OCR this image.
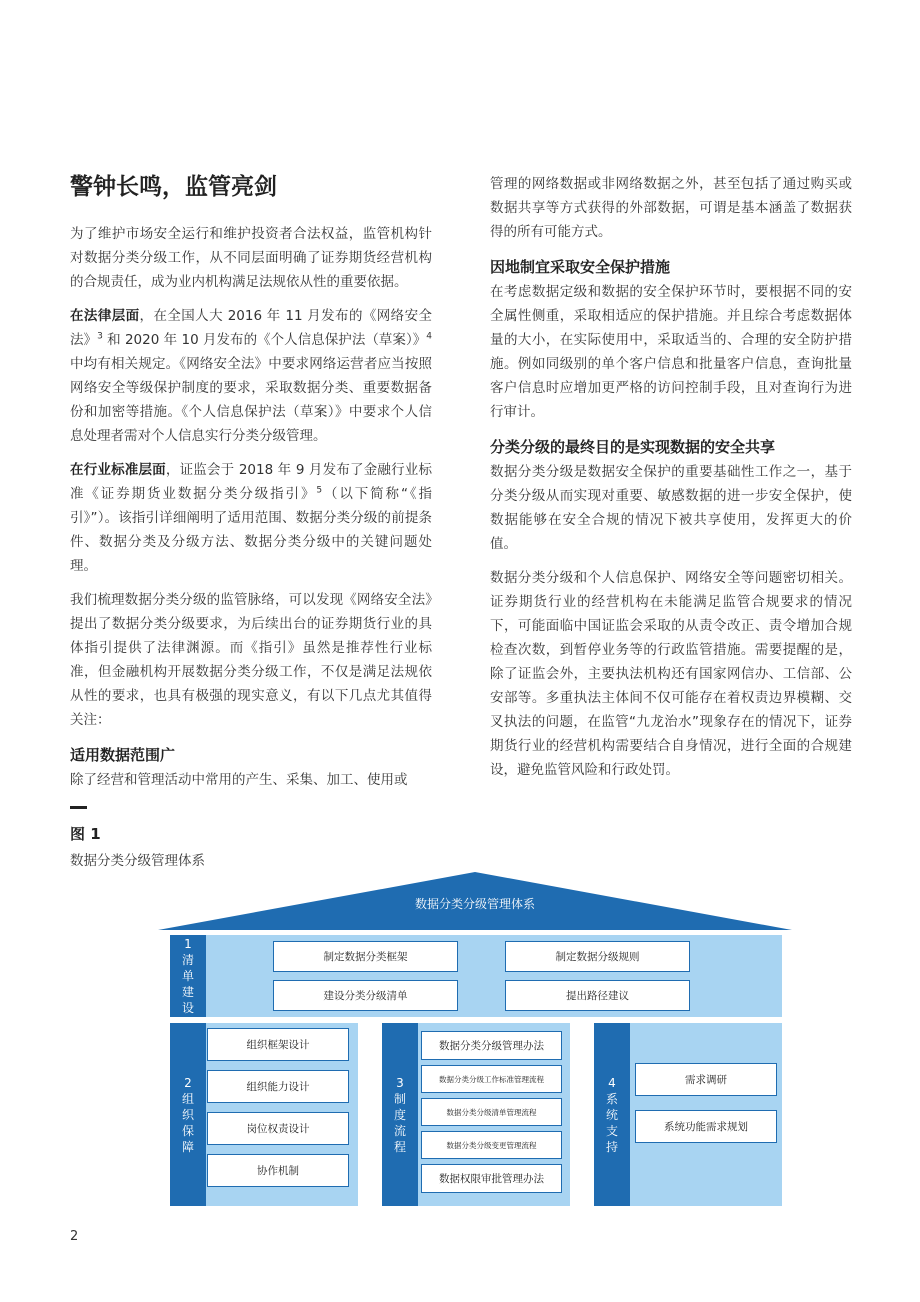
警钟长鸣，监管亮剑

为了维护市场安全运行和维护投资者合法权益，监管机构针对数据分类分级工作，从不同层面明确了证券期货经营机构的合规责任，成为业内机构满足法规依从性的重要依据。

在法律层面，在全国人大 2016 年 11 月发布的《网络安全法》$^3$ 和 2020 年 10 月发布的《个人信息保护法（草案）》$^4$ 中均有相关规定。《网络安全法》中要求网络运营者应当按照网络安全等级保护制度的要求，采取数据分类、重要数据备份和加密等措施。《个人信息保护法（草案）》中要求个人信息处理者需对个人信息实行分类分级管理。

在行业标准层面，证监会于 2018 年 9 月发布了金融行业标准《证券期货业数据分类分级指引》$^5$（以下简称“《指引》”）。该指引详细阐明了适用范围、数据分类分级的前提条件、数据分类及分级方法、数据分类分级中的关键问题处理。

我们梳理数据分类分级的监管脉络，可以发现《网络安全法》提出了数据分类分级要求，为后续出台的证券期货行业的具体指引提供了法律渊源。而《指引》虽然是推荐性行业标准，但金融机构开展数据分类分级工作，不仅是满足法规依从性的要求，也具有极强的现实意义，有以下几点尤其值得关注：

适用数据范围广

除了经营和管理活动中常用的产生、采集、加工、使用或

管理的网络数据或非网络数据之外，甚至包括了通过购买或数据共享等方式获得的外部数据，可谓是基本涵盖了数据获得的所有可能方式。

因地制宜采取安全保护措施

在考虑数据定级和数据的安全保护环节时，要根据不同的安全属性侧重，采取相适应的保护措施。并且综合考虑数据体量的大小，在实际使用中，采取适当的、合理的安全防护措施。例如同级别的单个客户信息和批量客户信息，查询批量客户信息时应增加更严格的访问控制手段，且对查询行为进行审计。

分类分级的最终目的是实现数据的安全共享

数据分类分级是数据安全保护的重要基础性工作之一，基于分类分级从而实现对重要、敏感数据的进一步安全保护，使数据能够在安全合规的情况下被共享使用，发挥更大的价值。

数据分类分级和个人信息保护、网络安全等问题密切相关。证券期货行业的经营机构在未能满足监管合规要求的情况下，可能面临中国证监会采取的从责令改正、责令增加合规检查次数，到暂停业务等的行政监管措施。需要提醒的是，除了证监会外，主要执法机构还有国家网信办、工信部、公安部等。多重执法主体间不仅可能存在着权责边界模糊、交叉执法的问题，在监管“九龙治水”现象存在的情况下，证券期货行业的经营机构需要结合自身情况，进行全面的合规建设，避免监管风险和行政处罚。

图 1
数据分类分级管理体系
数据分类分级管理体系
1清单建设
制定数据分类框架	制定数据分级规则
建设分类分级清单	提出路径建议
2组织保障
组织框架设计
组织能力设计
岗位权责设计
协作机制
3制度流程
数据分类分级管理办法
数据分类分级工作标准管理流程
数据分类分级清单管理流程
数据分类分级变更管理流程
数据权限审批管理办法
4系统支持
需求调研
系统功能需求规划
2
